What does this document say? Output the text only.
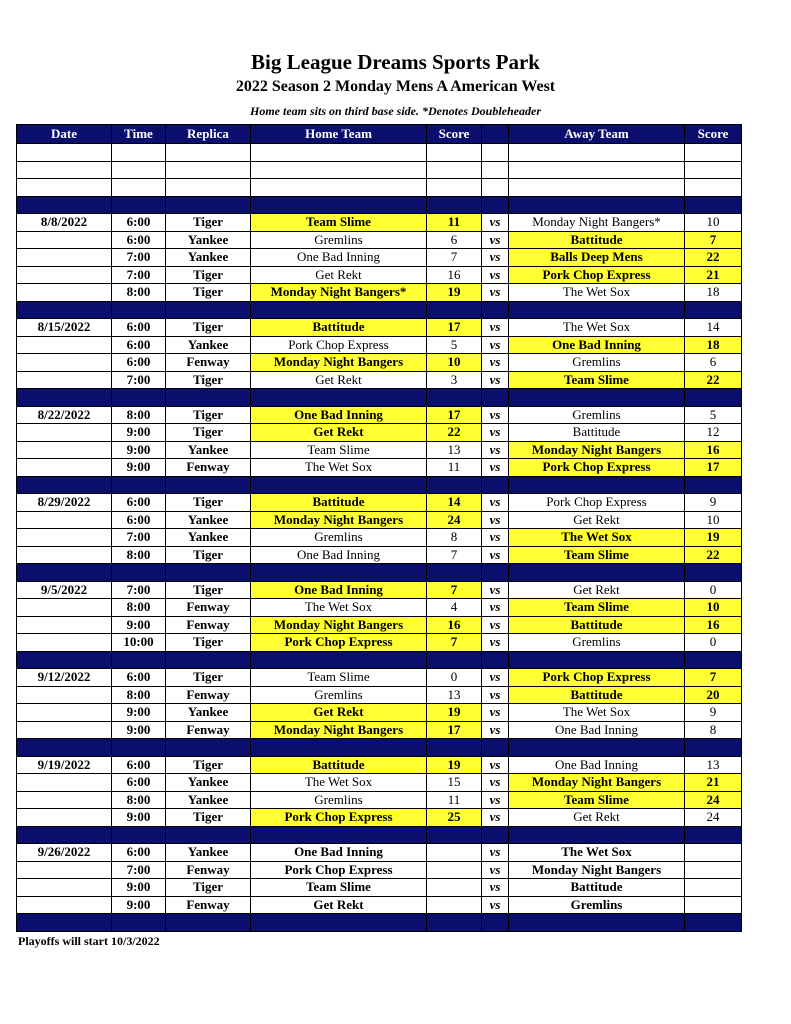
Big League Dreams Sports Park
2022 Season 2 Monday Mens A American West
Home team sits on third base side. *Denotes Doubleheader
Date	Time	Replica	Home Team	Score		Away Team	Score

8/8/2022	6:00	Tiger	Team Slime	11	vs	Monday Night Bangers*	10
	6:00	Yankee	Gremlins	6	vs	Battitude	7
	7:00	Yankee	One Bad Inning	7	vs	Balls Deep Mens	22
	7:00	Tiger	Get Rekt	16	vs	Pork Chop Express	21
	8:00	Tiger	Monday Night Bangers*	19	vs	The Wet Sox	18

8/15/2022	6:00	Tiger	Battitude	17	vs	The Wet Sox	14
	6:00	Yankee	Pork Chop Express	5	vs	One Bad Inning	18
	6:00	Fenway	Monday Night Bangers	10	vs	Gremlins	6
	7:00	Tiger	Get Rekt	3	vs	Team Slime	22

8/22/2022	8:00	Tiger	One Bad Inning	17	vs	Gremlins	5
	9:00	Tiger	Get Rekt	22	vs	Battitude	12
	9:00	Yankee	Team Slime	13	vs	Monday Night Bangers	16
	9:00	Fenway	The Wet Sox	11	vs	Pork Chop Express	17

8/29/2022	6:00	Tiger	Battitude	14	vs	Pork Chop Express	9
	6:00	Yankee	Monday Night Bangers	24	vs	Get Rekt	10
	7:00	Yankee	Gremlins	8	vs	The Wet Sox	19
	8:00	Tiger	One Bad Inning	7	vs	Team Slime	22

9/5/2022	7:00	Tiger	One Bad Inning	7	vs	Get Rekt	0
	8:00	Fenway	The Wet Sox	4	vs	Team Slime	10
	9:00	Fenway	Monday Night Bangers	16	vs	Battitude	16
	10:00	Tiger	Pork Chop Express	7	vs	Gremlins	0

9/12/2022	6:00	Tiger	Team Slime	0	vs	Pork Chop Express	7
	8:00	Fenway	Gremlins	13	vs	Battitude	20
	9:00	Yankee	Get Rekt	19	vs	The Wet Sox	9
	9:00	Fenway	Monday Night Bangers	17	vs	One Bad Inning	8

9/19/2022	6:00	Tiger	Battitude	19	vs	One Bad Inning	13
	6:00	Yankee	The Wet Sox	15	vs	Monday Night Bangers	21
	8:00	Yankee	Gremlins	11	vs	Team Slime	24
	9:00	Tiger	Pork Chop Express	25	vs	Get Rekt	24

9/26/2022	6:00	Yankee	One Bad Inning		vs	The Wet Sox	
	7:00	Fenway	Pork Chop Express		vs	Monday Night Bangers	
	9:00	Tiger	Team Slime		vs	Battitude	
	9:00	Fenway	Get Rekt		vs	Gremlins	

Playoffs will start 10/3/2022
